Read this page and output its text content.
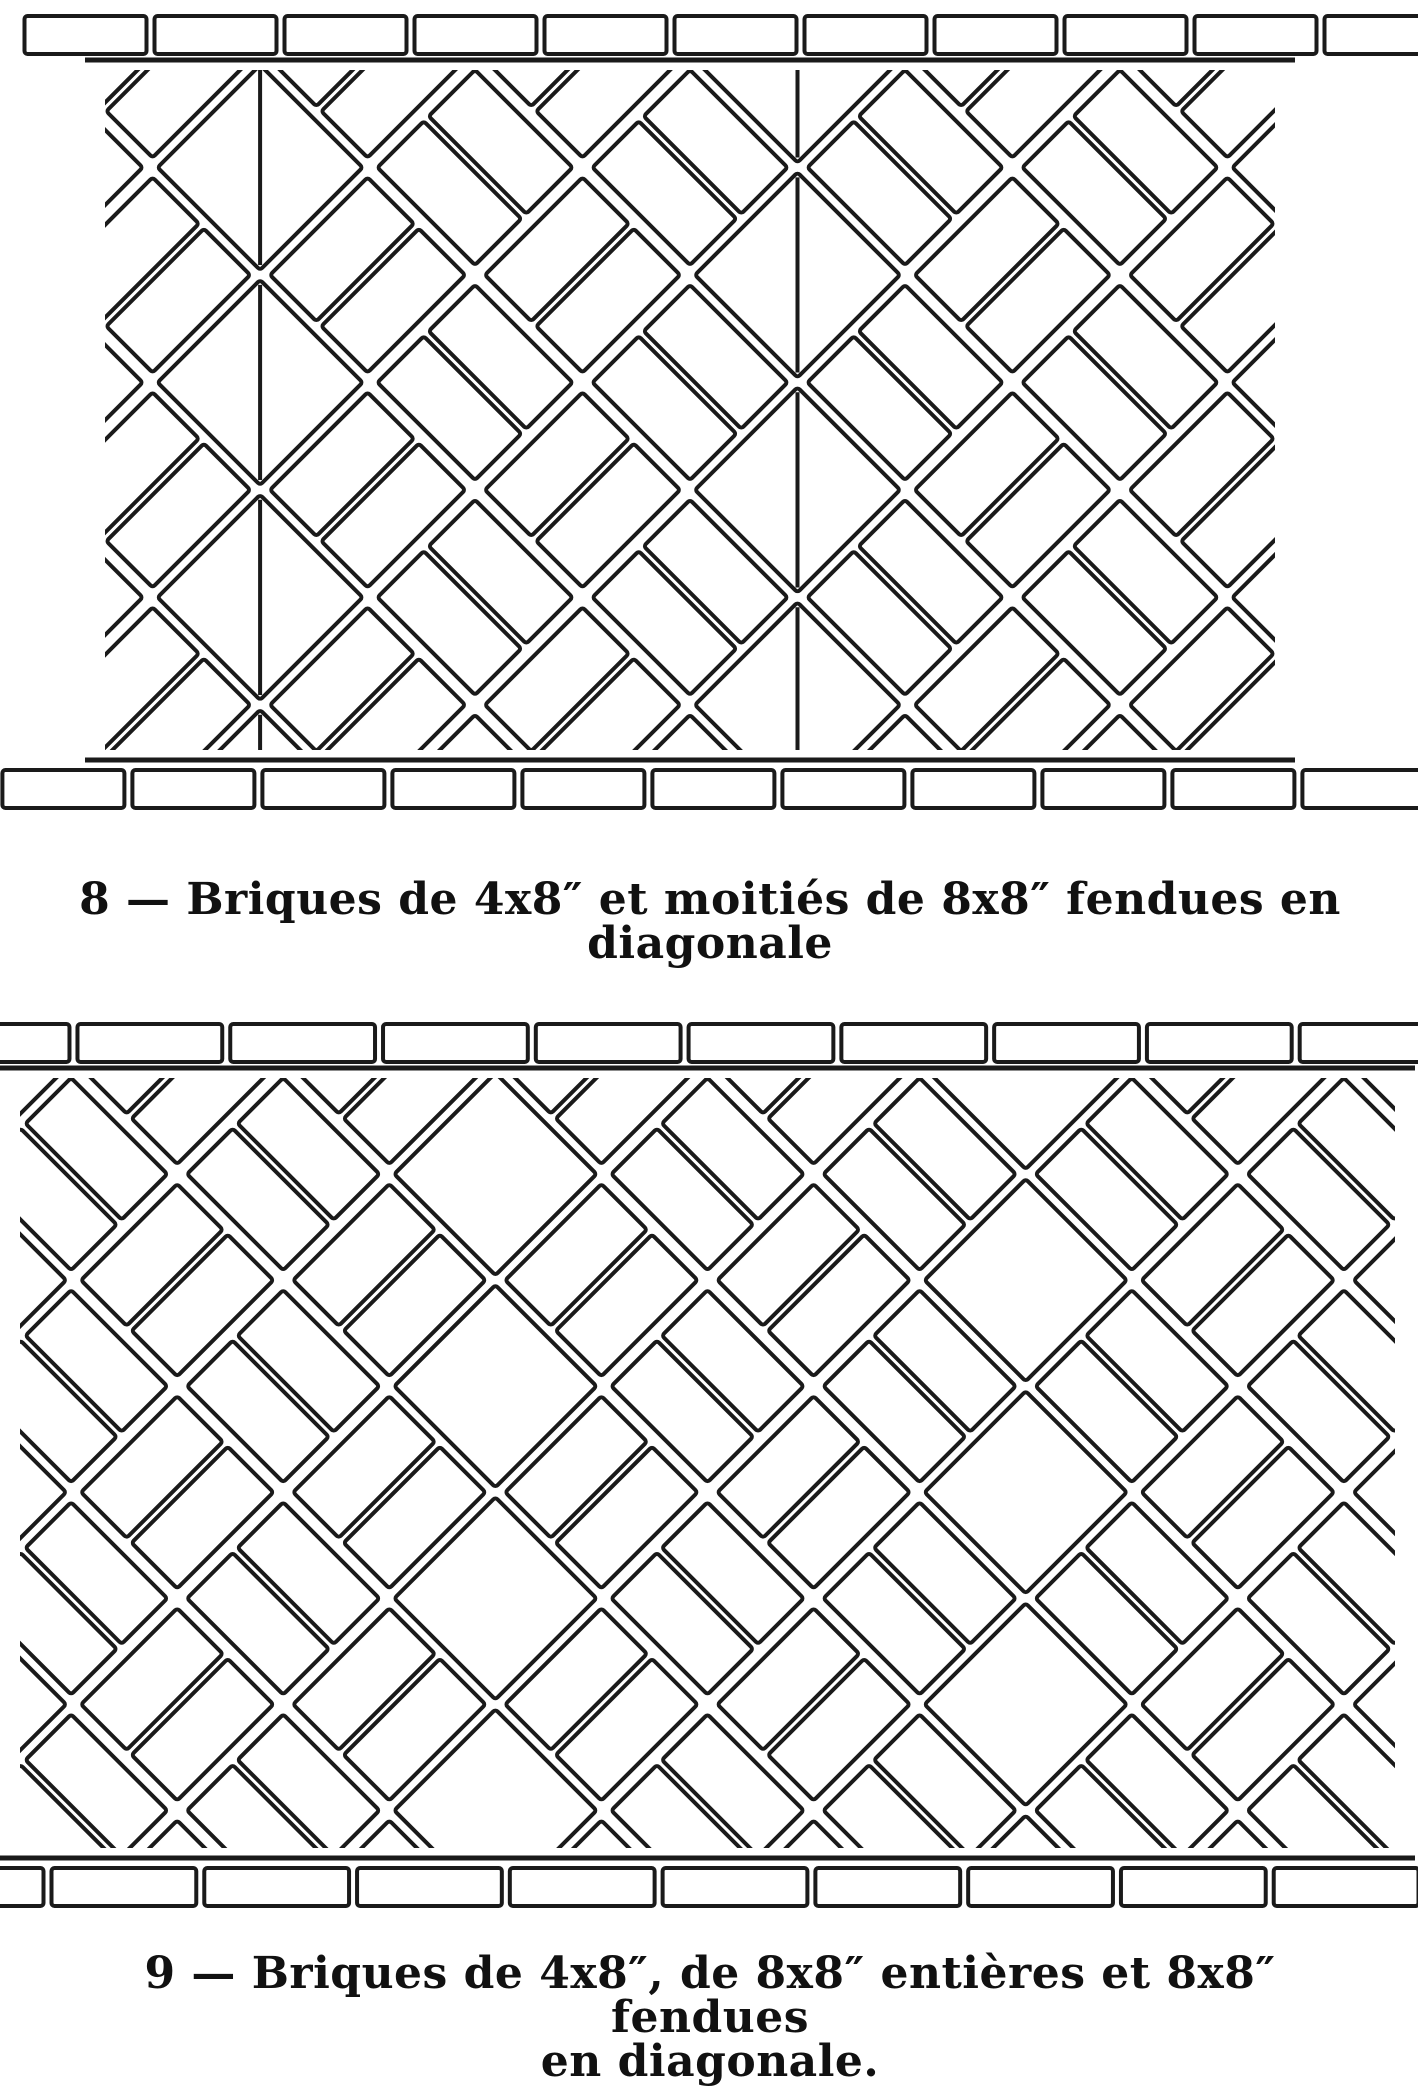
8 — Briques de 4x8″ et moitiés de 8x8″ fendues en
diagonale
9 — Briques de 4x8″, de 8x8″ entières et 8x8″ fendues
en diagonale.
